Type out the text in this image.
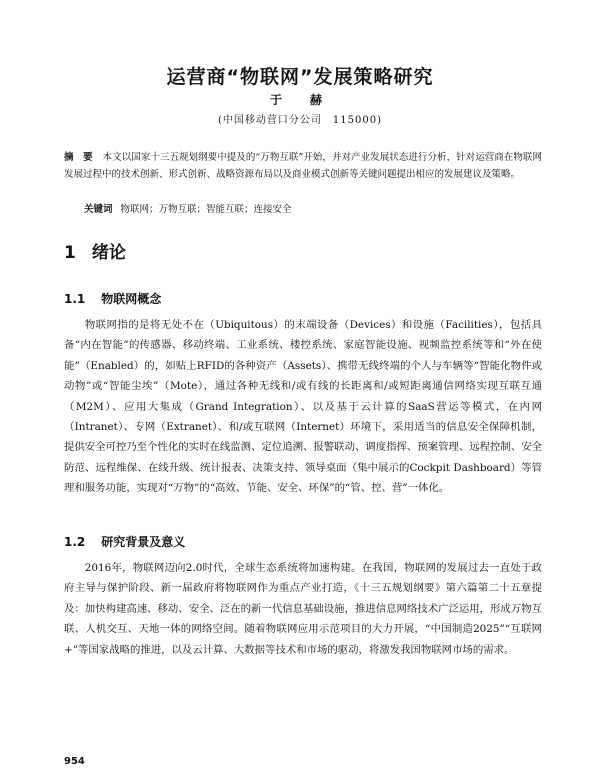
运营商“物联网”发展策略研究
于　赫
(中国移动营口分公司　115000)
摘　要 本文以国家十三五规划纲要中提及的“万物互联”开始，并对产业发展状态进行分析，针对运营商在物联网发展过程中的技术创新、形式创新、战略资源布局以及商业模式创新等关键问题提出相应的发展建议及策略。
关键词 物联网；万物互联；智能互联；连接安全
1 绪论
1.1 物联网概念
物联网指的是将无处不在（Ubiquitous）的末端设备（Devices）和设施（Facilities），包括具备“内在智能”的传感器、移动终端、工业系统、楼控系统、家庭智能设施、视频监控系统等和“外在使能”（Enabled）的，如贴上RFID的各种资产（Assets）、携带无线终端的个人与车辆等“智能化物件或动物”或“智能尘埃”（Mote），通过各种无线和/或有线的长距离和/或短距离通信网络实现互联互通（M2M）、应用大集成（Grand Integration）、以及基于云计算的SaaS营运等模式，在内网（Intranet）、专网（Extranet）、和/或互联网（Internet）环境下，采用适当的信息安全保障机制，提供安全可控乃至个性化的实时在线监测、定位追溯、报警联动、调度指挥、预案管理、远程控制、安全防范、远程维保、在线升级、统计报表、决策支持、领导桌面（集中展示的Cockpit Dashboard）等管理和服务功能，实现对“万物”的“高效、节能、安全、环保”的“管、控、营”一体化。
1.2 研究背景及意义
2016年，物联网迈向2.0时代，全球生态系统将加速构建。在我国，物联网的发展过去一直处于政府主导与保护阶段、新一届政府将物联网作为重点产业打造，《十三五规划纲要》第六篇第二十五章提及：加快构建高速、移动、安全、泛在的新一代信息基础设施，推进信息网络技术广泛运用，形成万物互联、人机交互、天地一体的网络空间。随着物联网应用示范项目的大力开展，“中国制造2025”“互联网+”等国家战略的推进，以及云计算、大数据等技术和市场的驱动，将激发我国物联网市场的需求。
954
